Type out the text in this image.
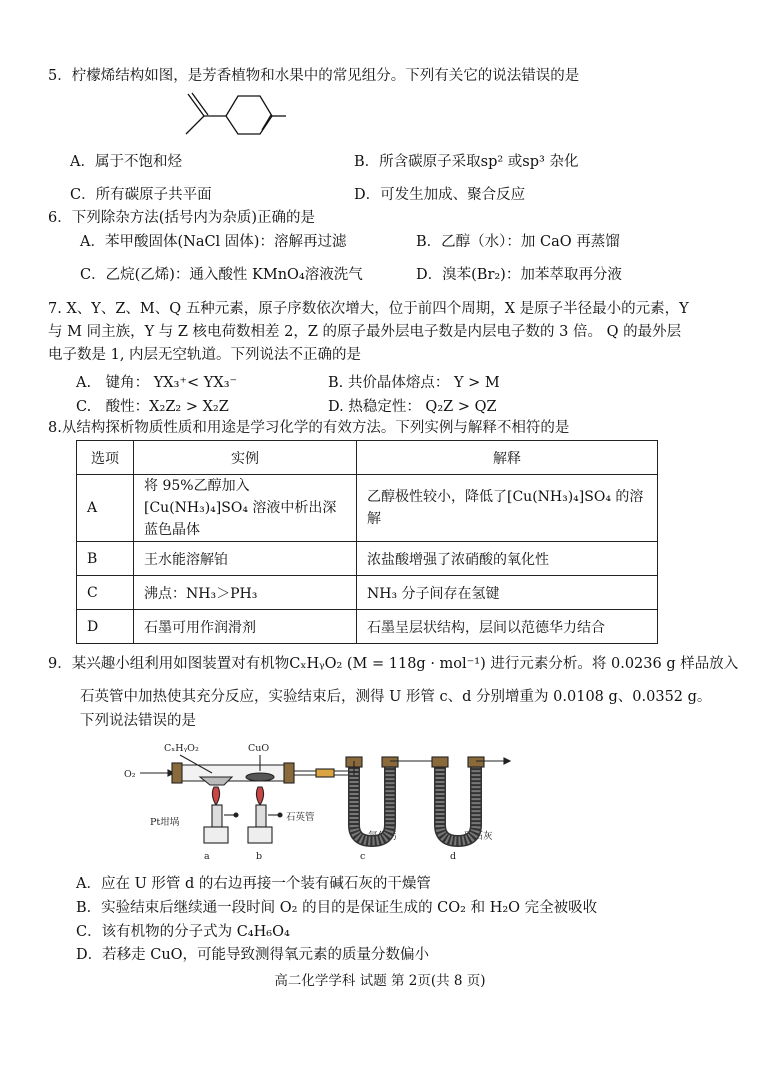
5．柠檬烯结构如图，是芳香植物和水果中的常见组分。下列有关它的说法错误的是
A．属于不饱和烃	B．所含碳原子采取sp² 或sp³ 杂化
C．所有碳原子共平面	D．可发生加成、聚合反应
6．下列除杂方法(括号内为杂质)正确的是
A．苯甲酸固体(NaCl 固体)：溶解再过滤	B．乙醇（水）：加 CaO 再蒸馏
C．乙烷(乙烯)：通入酸性 KMnO₄溶液洗气	D．溴苯(Br₂)：加苯萃取再分液
7. X、Y、Z、M、Q 五种元素，原子序数依次增大，位于前四个周期，X 是原子半径最小的元素，Y
与 M 同主族，Y 与 Z 核电荷数相差 2，Z 的原子最外层电子数是内层电子数的 3 倍。 Q 的最外层
电子数是 1, 内层无空轨道。下列说法不正确的是
A.　键角： YX₃⁺< YX₃⁻	B. 共价晶体熔点： Y > M
C.　酸性：X₂Z₂ > X₂Z	D. 热稳定性： Q₂Z > QZ
8.从结构探析物质性质和用途是学习化学的有效方法。下列实例与解释不相符的是
选项	实例	解释
A	将 95%乙醇加入[Cu(NH₃)₄]SO₄ 溶液中析出深蓝色晶体	乙醇极性较小，降低了[Cu(NH₃)₄]SO₄ 的溶解
B	王水能溶解铂	浓盐酸增强了浓硝酸的氧化性
C	沸点：NH₃＞PH₃	NH₃ 分子间存在氢键
D	石墨可用作润滑剂	石墨呈层状结构，层间以范德华力结合
9．某兴趣小组利用如图装置对有机物CₓHᵧO₂ (M = 118g · mol⁻¹) 进行元素分析。将 0.0236 g 样品放入
石英管中加热使其充分反应，实验结束后，测得 U 形管 c、d 分别增重为 0.0108 g、0.0352 g。
下列说法错误的是
O₂
CₓHᵧO₂	CuO
Pt坩埚	石英管
氯化钙	碱石灰
a	b	c	d
A．应在 U 形管 d 的右边再接一个装有碱石灰的干燥管
B．实验结束后继续通一段时间 O₂ 的目的是保证生成的 CO₂ 和 H₂O 完全被吸收
C．该有机物的分子式为 C₄H₆O₄
D．若移走 CuO，可能导致测得氧元素的质量分数偏小
高二化学学科 试题 第 2页(共 8 页)
